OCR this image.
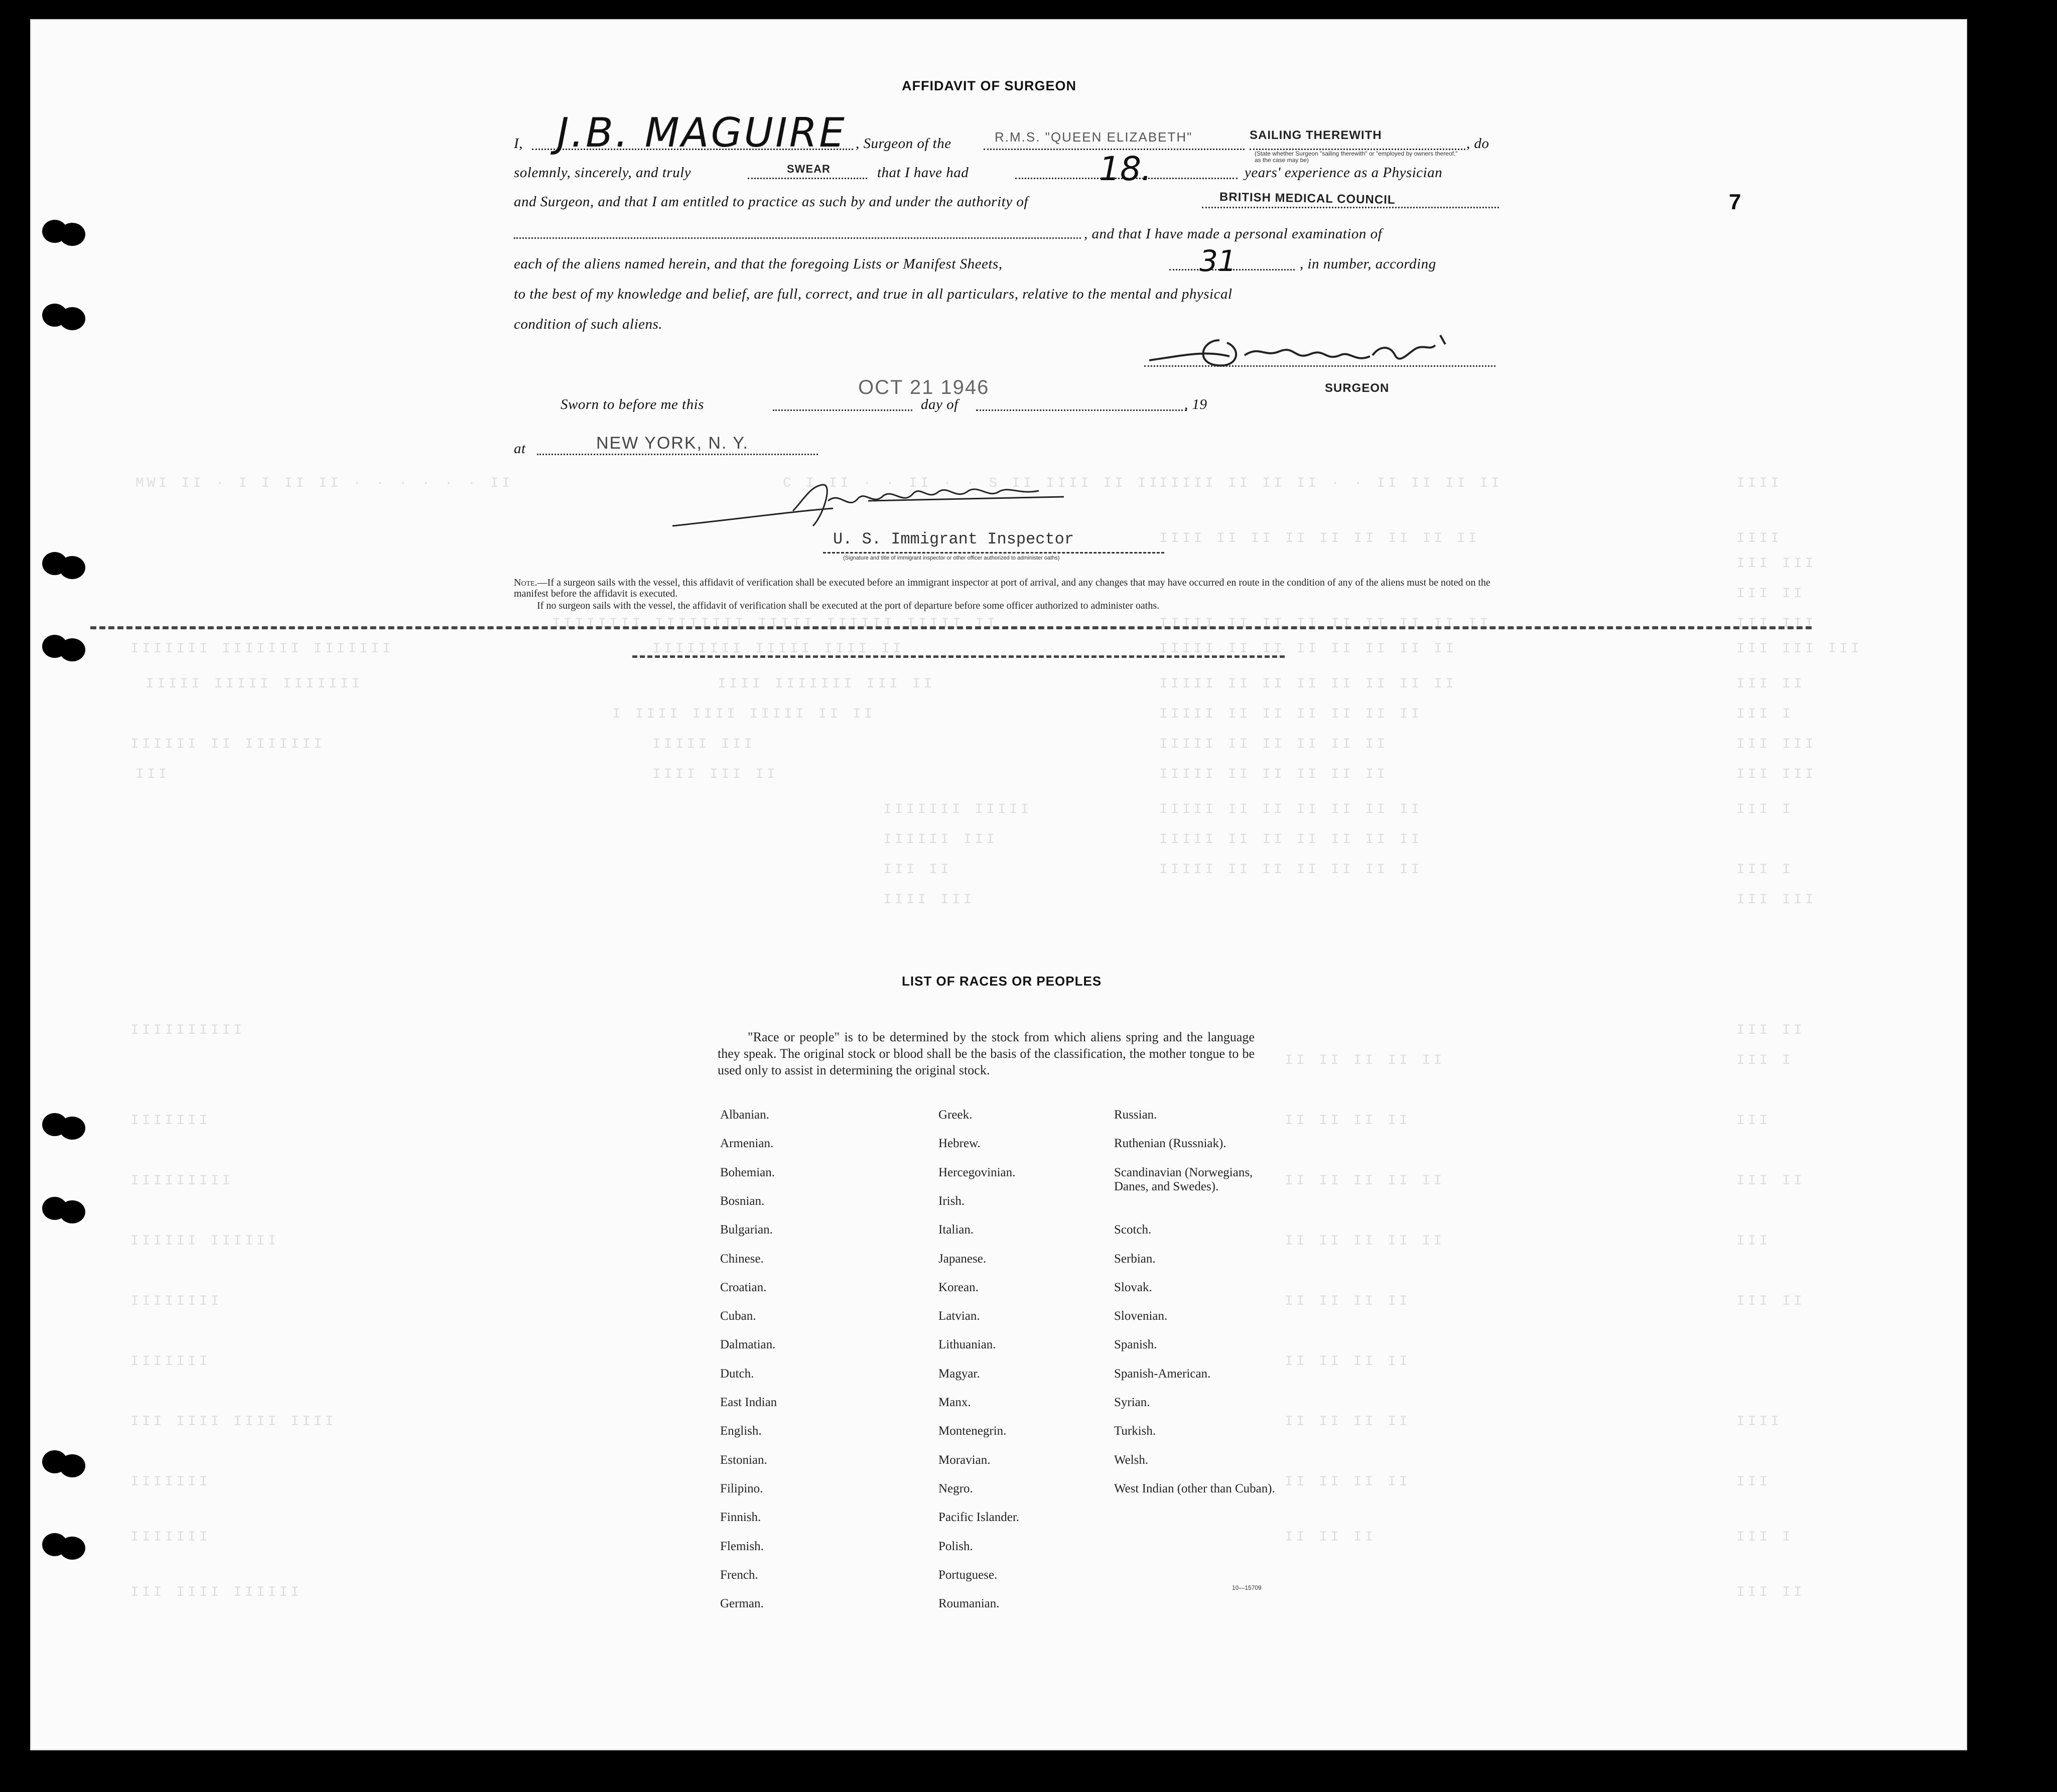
MWI II · I I II II · · · · · · II	C I II · · II · · S II IIII II II
IIIII II II II · · II II II II	IIII
IIII II II II II II II II II	IIII
III III
III II
IIIIIIII IIIIIIII IIIII IIIIII IIIII II	IIIII II II II II II II II II	III III
IIIIIII IIIIIII IIIIIII	IIIIIIII IIIII IIII II	IIIII II II II II II II II	III III III
IIIII IIIII IIIIIII	IIII IIIIIII III II	IIIII II II II II II II II	III II
I IIII IIII IIIII II II	IIIII II II II II II II	III I
IIIIII II IIIIIII	IIIII III	IIIII II II II II II	III III
III	IIII III II	IIIII II II II II II	III III
IIIIIII IIIII	IIIII II II II II II II	III I
IIIIII III	IIIII II II II II II II
III II	IIIII II II II II II II	III I
IIII III	III III
IIIIIIIIII	III II
II II II II II	III I
IIIIIII	II II II II	III
IIIIIIIII	II II II II II	III II
IIIIII IIIIII	II II II II II	III
IIIIIIII	II II II II	III II
IIIIIII	II II II II
III IIII IIII IIII	II II II II	IIII
IIIIIII	II II II II	III
IIIIIII	II II II	III I
III IIII IIIIII	III II
AFFIDAVIT OF SURGEON
I, J.B. MAGUIRE , Surgeon of the	R.M.S. "QUEEN ELIZABETH"	SAILING THEREWITH
(State whether Surgeon "sailing therewith" or "employed by owners thereof," as the case may be)
, do
solemnly, sincerely, and truly	SWEAR	that I have had	18.	years' experience as a Physician
and Surgeon, and that I am entitled to practice as such by and under the authority of	BRITISH MEDICAL COUNCIL
, and that I have made a personal examination of
each of the aliens named herein, and that the foregoing Lists or Manifest Sheets,	31	, in number, according
to the best of my knowledge and belief, are full, correct, and true in all particulars, relative to the mental and physical
condition of such aliens.
SURGEON
OCT 21 1946
Sworn to before me this	day of	, 19
at	NEW YORK, N. Y.
U. S. Immigrant Inspector
(Signature and title of immigrant inspector or other officer authorized to administer oaths)
Note.—If a surgeon sails with the vessel, this affidavit of verification shall be executed before an immigrant inspector at port of arrival, and any changes that may have occurred en route in the condition of any of the aliens must be noted on the manifest before the affidavit is executed.
If no surgeon sails with the vessel, the affidavit of verification shall be executed at the port of departure before some officer authorized to administer oaths.
7
LIST OF RACES OR PEOPLES
"Race or people" is to be determined by the stock from which aliens spring and the language they speak. The original stock or blood shall be the basis of the classification, the mother tongue to be used only to assist in determining the original stock.
Albanian.
Armenian.
Bohemian.
Bosnian.
Bulgarian.
Chinese.
Croatian.
Cuban.
Dalmatian.
Dutch.
East Indian
English.
Estonian.
Filipino.
Finnish.
Flemish.
French.
German.
Greek.
Hebrew.
Hercegovinian.
Irish.
Italian.
Japanese.
Korean.
Latvian.
Lithuanian.
Magyar.
Manx.
Montenegrin.
Moravian.
Negro.
Pacific Islander.
Polish.
Portuguese.
Roumanian.
Russian.
Ruthenian (Russniak).
Scandinavian (Norwegians, Danes, and Swedes).
Scotch.
Serbian.
Slovak.
Slovenian.
Spanish.
Spanish-American.
Syrian.
Turkish.
Welsh.
West Indian (other than Cuban).
10—15709
